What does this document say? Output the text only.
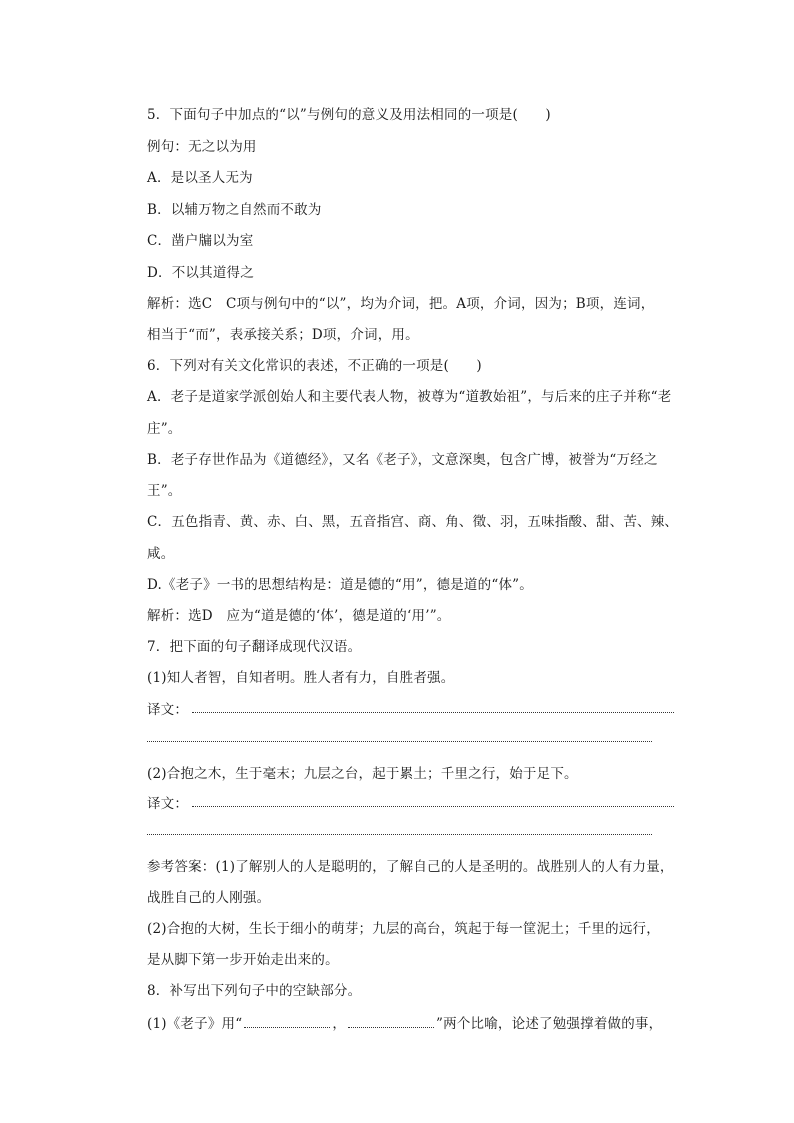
5．下面句子中加点的“以”与例句的意义及用法相同的一项是(　　)
例句：无之以为用
A．是以圣人无为
B．以辅万物之自然而不敢为
C．凿户牖以为室
D．不以其道得之
解析：选C　C项与例句中的“以”，均为介词，把。A项，介词，因为；B项，连词，
相当于“而”，表承接关系；D项，介词，用。
6．下列对有关文化常识的表述，不正确的一项是(　　)
A．老子是道家学派创始人和主要代表人物，被尊为“道教始祖”，与后来的庄子并称“老
庄”。
B．老子存世作品为《道德经》，又名《老子》，文意深奥，包含广博，被誉为“万经之
王”。
C．五色指青、黄、赤、白、黑，五音指宫、商、角、徵、羽，五味指酸、甜、苦、辣、
咸。
D.《老子》一书的思想结构是：道是德的“用”，德是道的“体”。
解析：选D　应为“道是德的‘体’，德是道的‘用’”。
7．把下面的句子翻译成现代汉语。
(1)知人者智，自知者明。胜人者有力，自胜者强。
译文：
(2)合抱之木，生于毫末；九层之台，起于累土；千里之行，始于足下。
译文：
参考答案：(1)了解别人的人是聪明的，了解自己的人是圣明的。战胜别人的人有力量，
战胜自己的人刚强。
(2)合抱的大树，生长于细小的萌芽；九层的高台，筑起于每一筐泥土；千里的远行，
是从脚下第一步开始走出来的。
8．补写出下列句子中的空缺部分。
(1)《老子》用“	，	”两个比喻，论述了勉强撑着做的事，
